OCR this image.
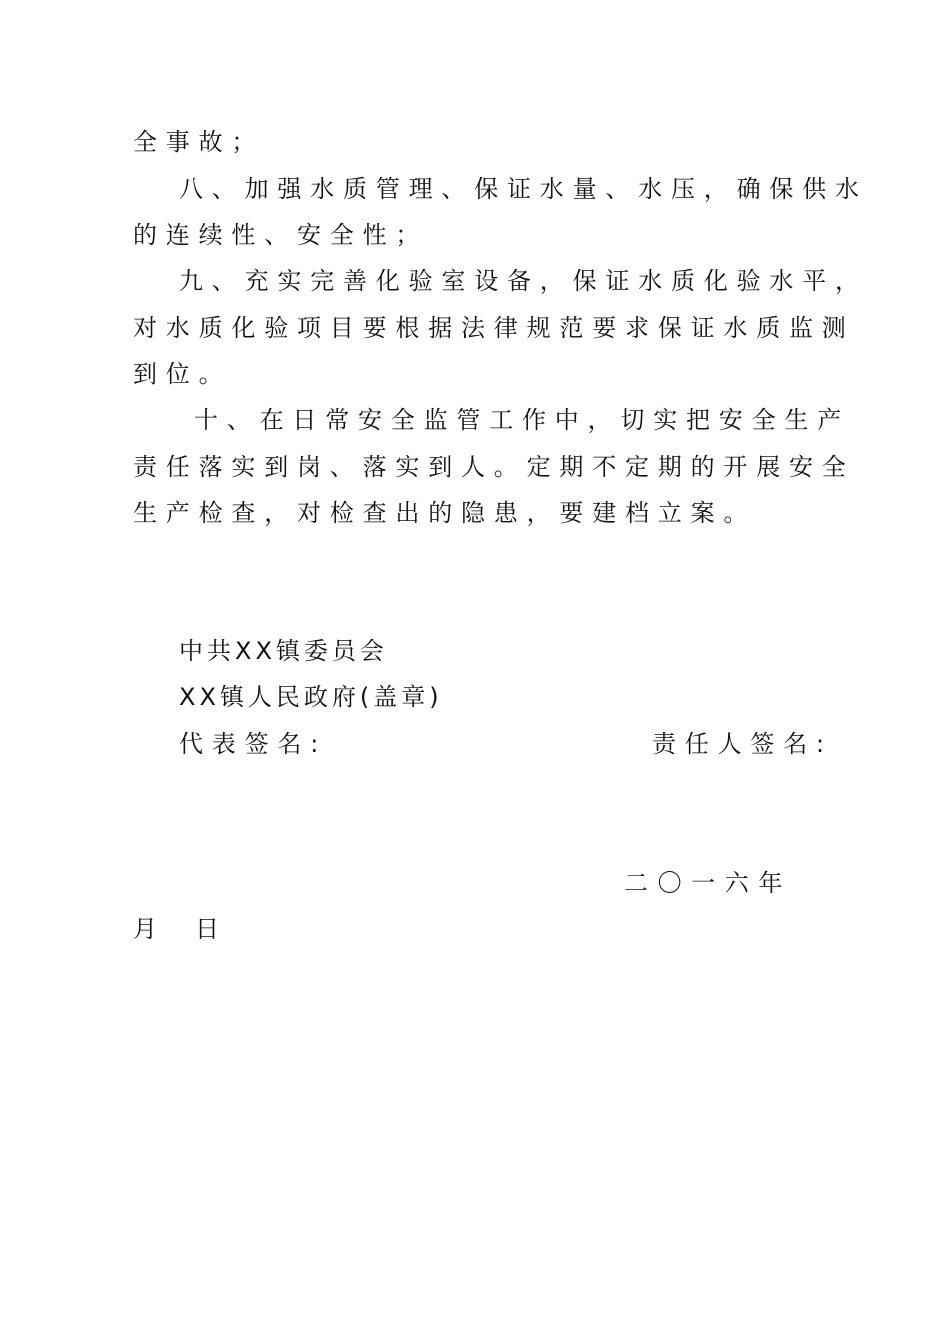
全事故；

八、加强水质管理、保证水量、水压，确保供水

的连续性、安全性；

九、充实完善化验室设备，保证水质化验水平，

对水质化验项目要根据法律规范要求保证水质监测

到位。

十、在日常安全监管工作中，切实把安全生产

责任落实到岗、落实到人。定期不定期的开展安全

生产检查，对检查出的隐患，要建档立案。

中共XX镇委员会

XX镇人民政府(盖章)

代表签名:	责任人签名:

二〇一六年

月 日
